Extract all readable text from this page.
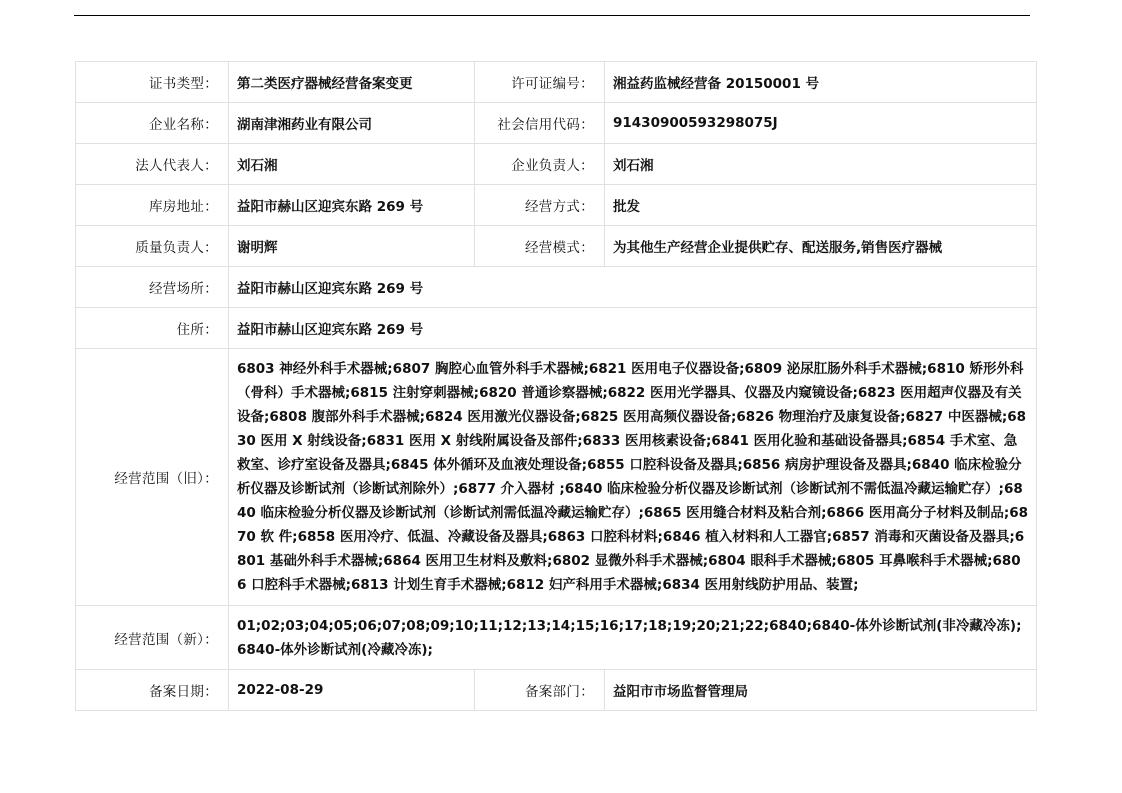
证书类型：	第二类医疗器械经营备案变更	许可证编号：	湘益药监械经营备 20150001 号
企业名称：	湖南津湘药业有限公司	社会信用代码：	91430900593298075J
法人代表人：	刘石湘	企业负责人：	刘石湘
库房地址：	益阳市赫山区迎宾东路 269 号	经营方式：	批发
质量负责人：	谢明辉	经营模式：	为其他生产经营企业提供贮存、配送服务,销售医疗器械
经营场所：	益阳市赫山区迎宾东路 269 号		
住所：	益阳市赫山区迎宾东路 269 号		
经营范围（旧）：	6803 神经外科手术器械;6807 胸腔心血管外科手术器械;6821 医用电子仪器设备;6809 泌尿肛肠外科手术器械;6810 矫形外科（骨科）手术器械;6815 注射穿刺器械;6820 普通诊察器械;6822 医用光学器具、仪器及内窥镜设备;6823 医用超声仪器及有关设备;6808 腹部外科手术器械;6824 医用激光仪器设备;6825 医用高频仪器设备;6826 物理治疗及康复设备;6827 中医器械;6830 医用 X 射线设备;6831 医用 X 射线附属设备及部件;6833 医用核素设备;6841 医用化验和基础设备器具;6854 手术室、急救室、诊疗室设备及器具;6845 体外循环及血液处理设备;6855 口腔科设备及器具;6856 病房护理设备及器具;6840 临床检验分析仪器及诊断试剂（诊断试剂除外）;6877 介入器材 ;6840 临床检验分析仪器及诊断试剂（诊断试剂不需低温冷藏运输贮存）;6840 临床检验分析仪器及诊断试剂（诊断试剂需低温冷藏运输贮存）;6865 医用缝合材料及粘合剂;6866 医用高分子材料及制品;6870 软 件;6858 医用冷疗、低温、冷藏设备及器具;6863 口腔科材料;6846 植入材料和人工器官;6857 消毒和灭菌设备及器具;6801 基础外科手术器械;6864 医用卫生材料及敷料;6802 显微外科手术器械;6804 眼科手术器械;6805 耳鼻喉科手术器械;6806 口腔科手术器械;6813 计划生育手术器械;6812 妇产科用手术器械;6834 医用射线防护用品、装置;		
经营范围（新）：	01;02;03;04;05;06;07;08;09;10;11;12;13;14;15;16;17;18;19;20;21;22;6840;6840-体外诊断试剂(非冷藏冷冻);6840-体外诊断试剂(冷藏冷冻);		
备案日期：	2022-08-29	备案部门：	益阳市市场监督管理局
